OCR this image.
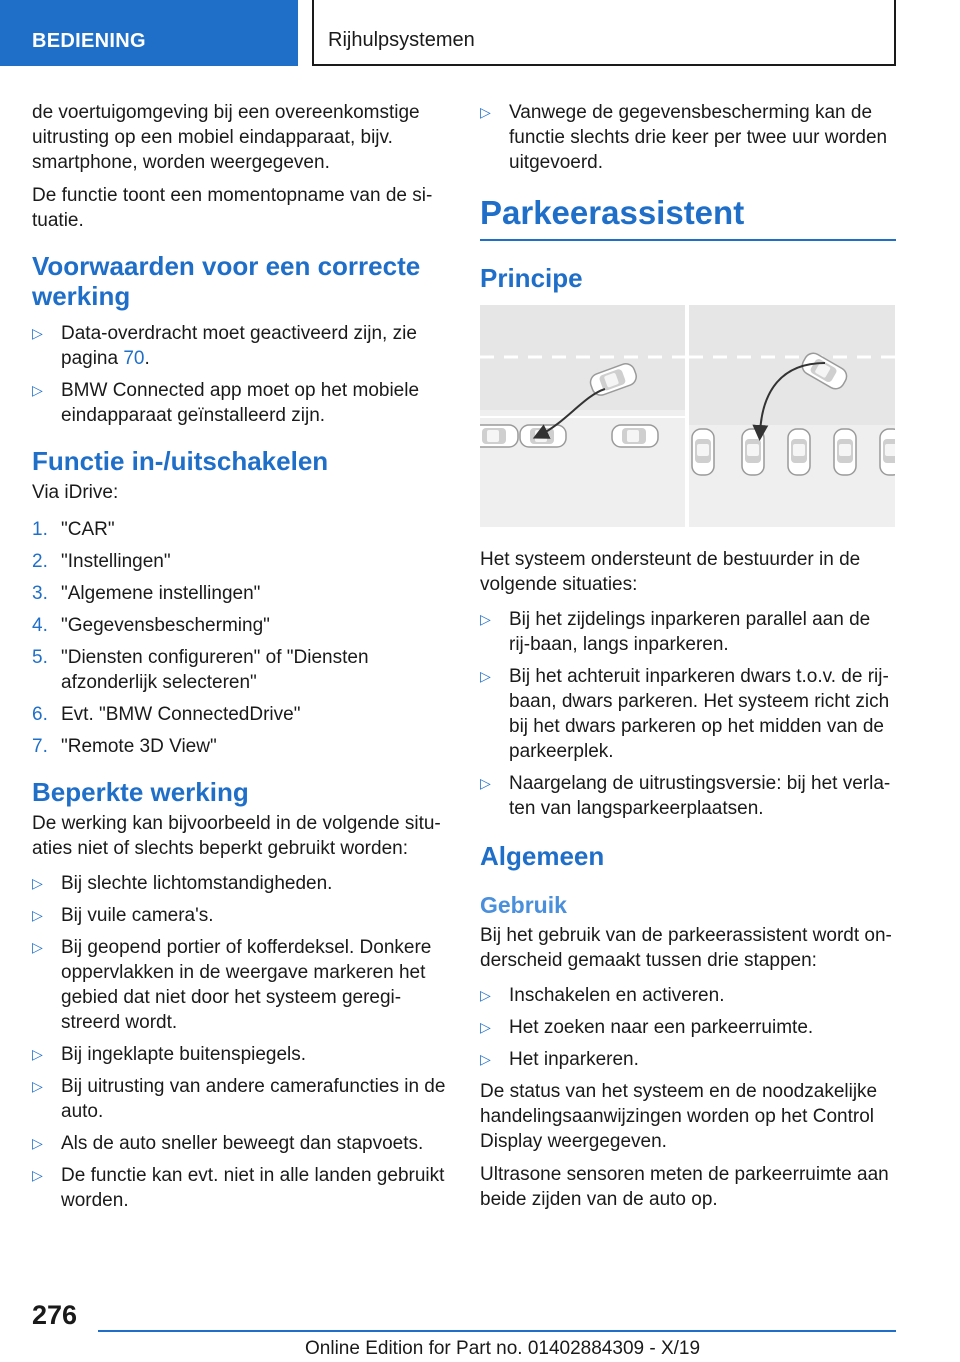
BEDIENING	Rijhulpsystemen

de voertuigomgeving bij een overeenkomstige uitrusting op een mobiel eindapparaat, bijv. smartphone, worden weergegeven.

De functie toont een momentopname van de si‐tuatie.

Voorwaarden voor een correcte werking
▷ Data-overdracht moet geactiveerd zijn, zie pagina 70.
▷ BMW Connected app moet op het mobiele eindapparaat geïnstalleerd zijn.
Functie in-/uitschakelen

Via iDrive:

1. "CAR"
2. "Instellingen"
3. "Algemene instellingen"
4. "Gegevensbescherming"
5. "Diensten configureren" of "Diensten afzonderlijk selecteren"
6. Evt. "BMW ConnectedDrive"
7. "Remote 3D View"
Beperkte werking

De werking kan bijvoorbeeld in de volgende situ‐aties niet of slechts beperkt gebruikt worden:

▷ Bij slechte lichtomstandigheden.
▷ Bij vuile camera's.
▷ Bij geopend portier of kofferdeksel. Donkere oppervlakken in de weergave markeren het gebied dat niet door het systeem geregi‐streerd wordt.
▷ Bij ingeklapte buitenspiegels.
▷ Bij uitrusting van andere camerafuncties in de auto.
▷ Als de auto sneller beweegt dan stapvoets.
▷ De functie kan evt. niet in alle landen gebruikt worden.
▷ Vanwege de gegevensbescherming kan de functie slechts drie keer per twee uur worden uitgevoerd.
Parkeerassistent
Principe

Het systeem ondersteunt de bestuurder in de volgende situaties:

▷ Bij het zijdelings inparkeren parallel aan de rij‐baan, langs inparkeren.
▷ Bij het achteruit inparkeren dwars t.o.v. de rij‐baan, dwars parkeren. Het systeem richt zich bij het dwars parkeren op het midden van de parkeerplek.
▷ Naargelang de uitrustingsversie: bij het verla‐ten van langsparkeerplaatsen.
Algemeen
Gebruik

Bij het gebruik van de parkeerassistent wordt on‐derscheid gemaakt tussen drie stappen:

▷ Inschakelen en activeren.
▷ Het zoeken naar een parkeerruimte.
▷ Het inparkeren.

De status van het systeem en de noodzakelijke handelingsaanwijzingen worden op het Control Display weergegeven.

Ultrasone sensoren meten de parkeerruimte aan beide zijden van de auto op.

276
Online Edition for Part no. 01402884309 - X/19
